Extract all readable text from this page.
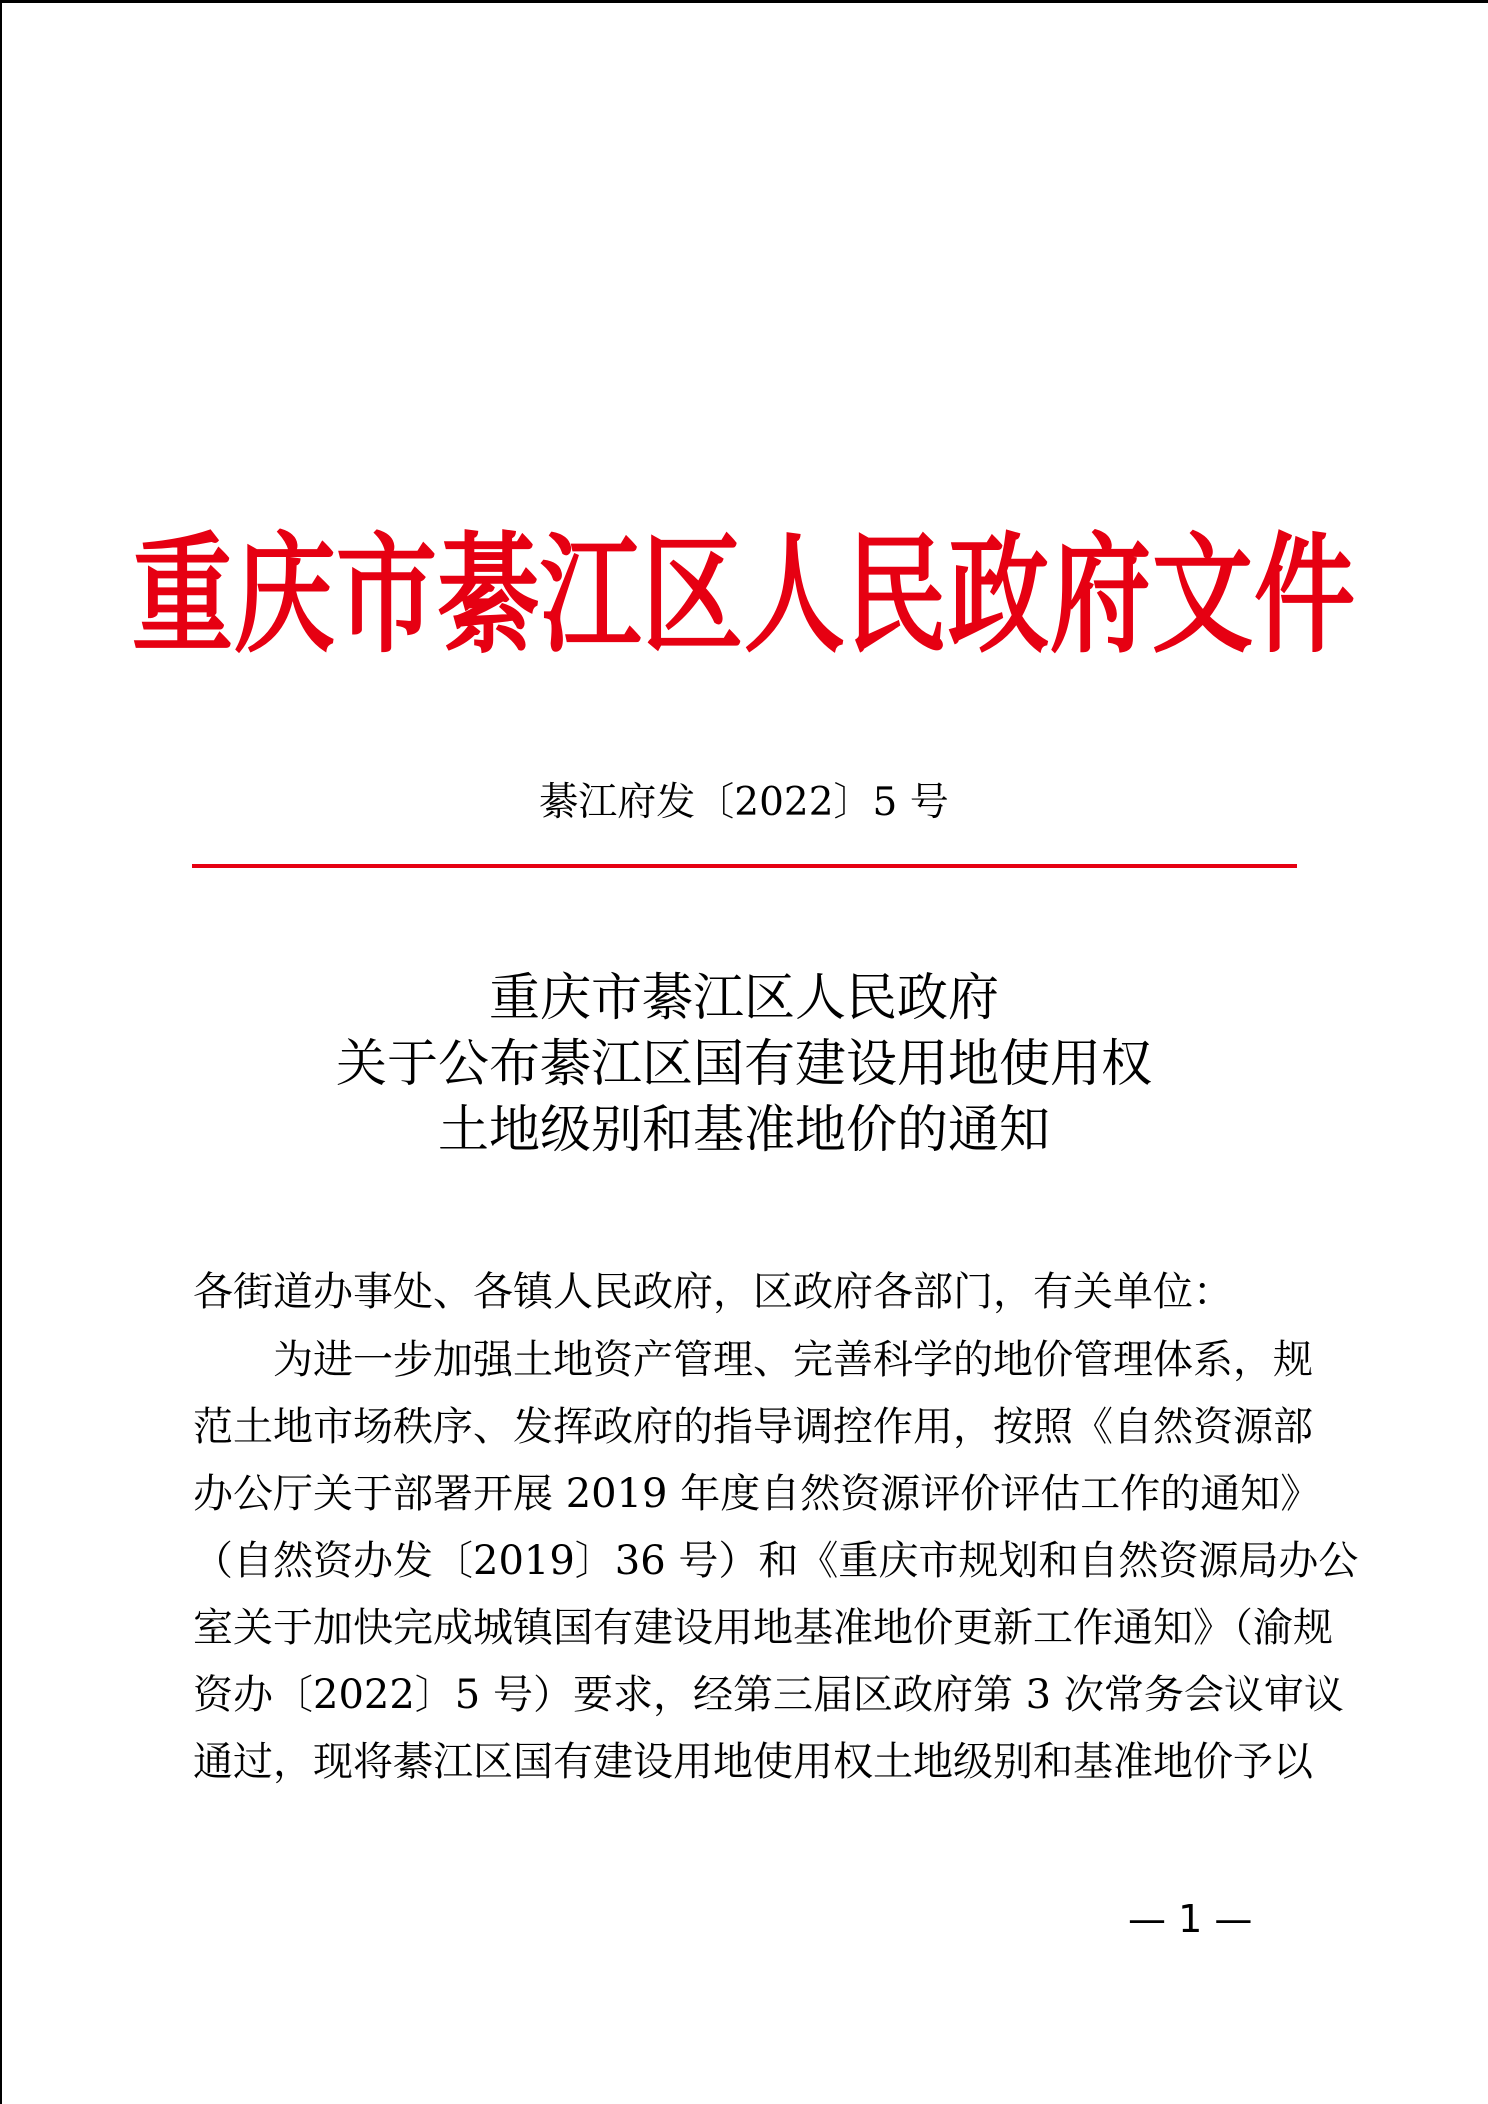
重庆市綦江区人民政府文件
綦江府发〔2022〕5 号
重庆市綦江区人民政府
关于公布綦江区国有建设用地使用权
土地级别和基准地价的通知
各街道办事处、各镇人民政府，区政府各部门，有关单位：
为进一步加强土地资产管理、完善科学的地价管理体系，规
范土地市场秩序、发挥政府的指导调控作用，按照《自然资源部
办公厅关于部署开展 2019 年度自然资源评价评估工作的通知》
（自然资办发〔2019〕36 号）和《重庆市规划和自然资源局办公
室关于加快完成城镇国有建设用地基准地价更新工作通知》（渝规
资办〔2022〕5 号）要求，经第三届区政府第 3 次常务会议审议
通过，现将綦江区国有建设用地使用权土地级别和基准地价予以
— 1 —
